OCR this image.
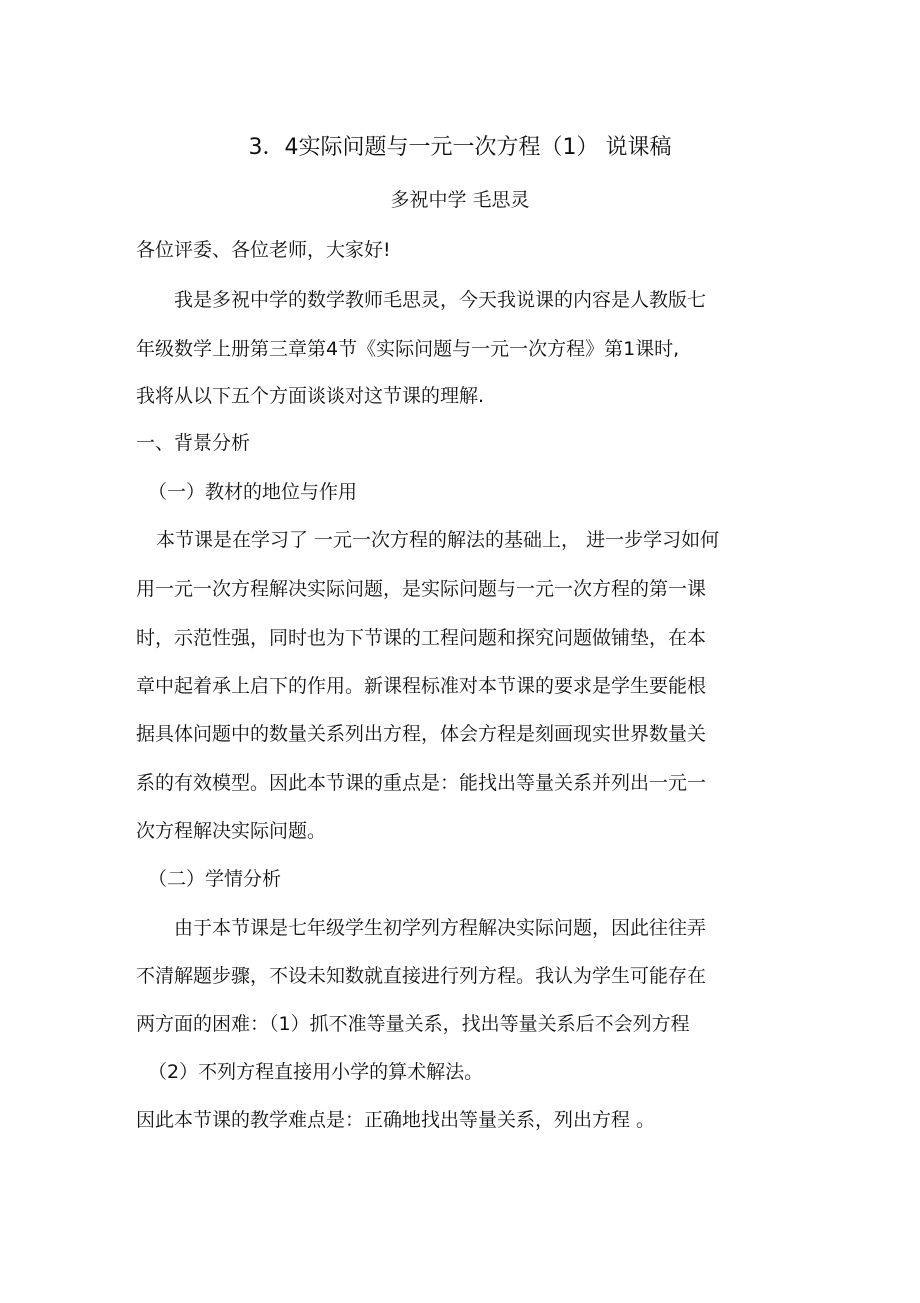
3．4实际问题与一元一次方程（1） 说课稿
多祝中学 毛思灵
各位评委、各位老师，大家好!
我是多祝中学的数学教师毛思灵，今天我说课的内容是人教版七
年级数学上册第三章第4节《实际问题与一元一次方程》第1课时,
我将从以下五个方面谈谈对这节课的理解.
一、背景分析
（一）教材的地位与作用
本节课是在学习了 一元一次方程的解法的基础上， 进一步学习如何
用一元一次方程解决实际问题，是实际问题与一元一次方程的第一课
时，示范性强，同时也为下节课的工程问题和探究问题做铺垫，在本
章中起着承上启下的作用。新课程标准对本节课的要求是学生要能根
据具体问题中的数量关系列出方程，体会方程是刻画现实世界数量关
系的有效模型。因此本节课的重点是：能找出等量关系并列出一元一
次方程解决实际问题。
（二）学情分析
由于本节课是七年级学生初学列方程解决实际问题，因此往往弄
不清解题步骤，不设未知数就直接进行列方程。我认为学生可能存在
两方面的困难：（1）抓不准等量关系，找出等量关系后不会列方程
（2）不列方程直接用小学的算术解法。
因此本节课的教学难点是：正确地找出等量关系，列出方程 。
